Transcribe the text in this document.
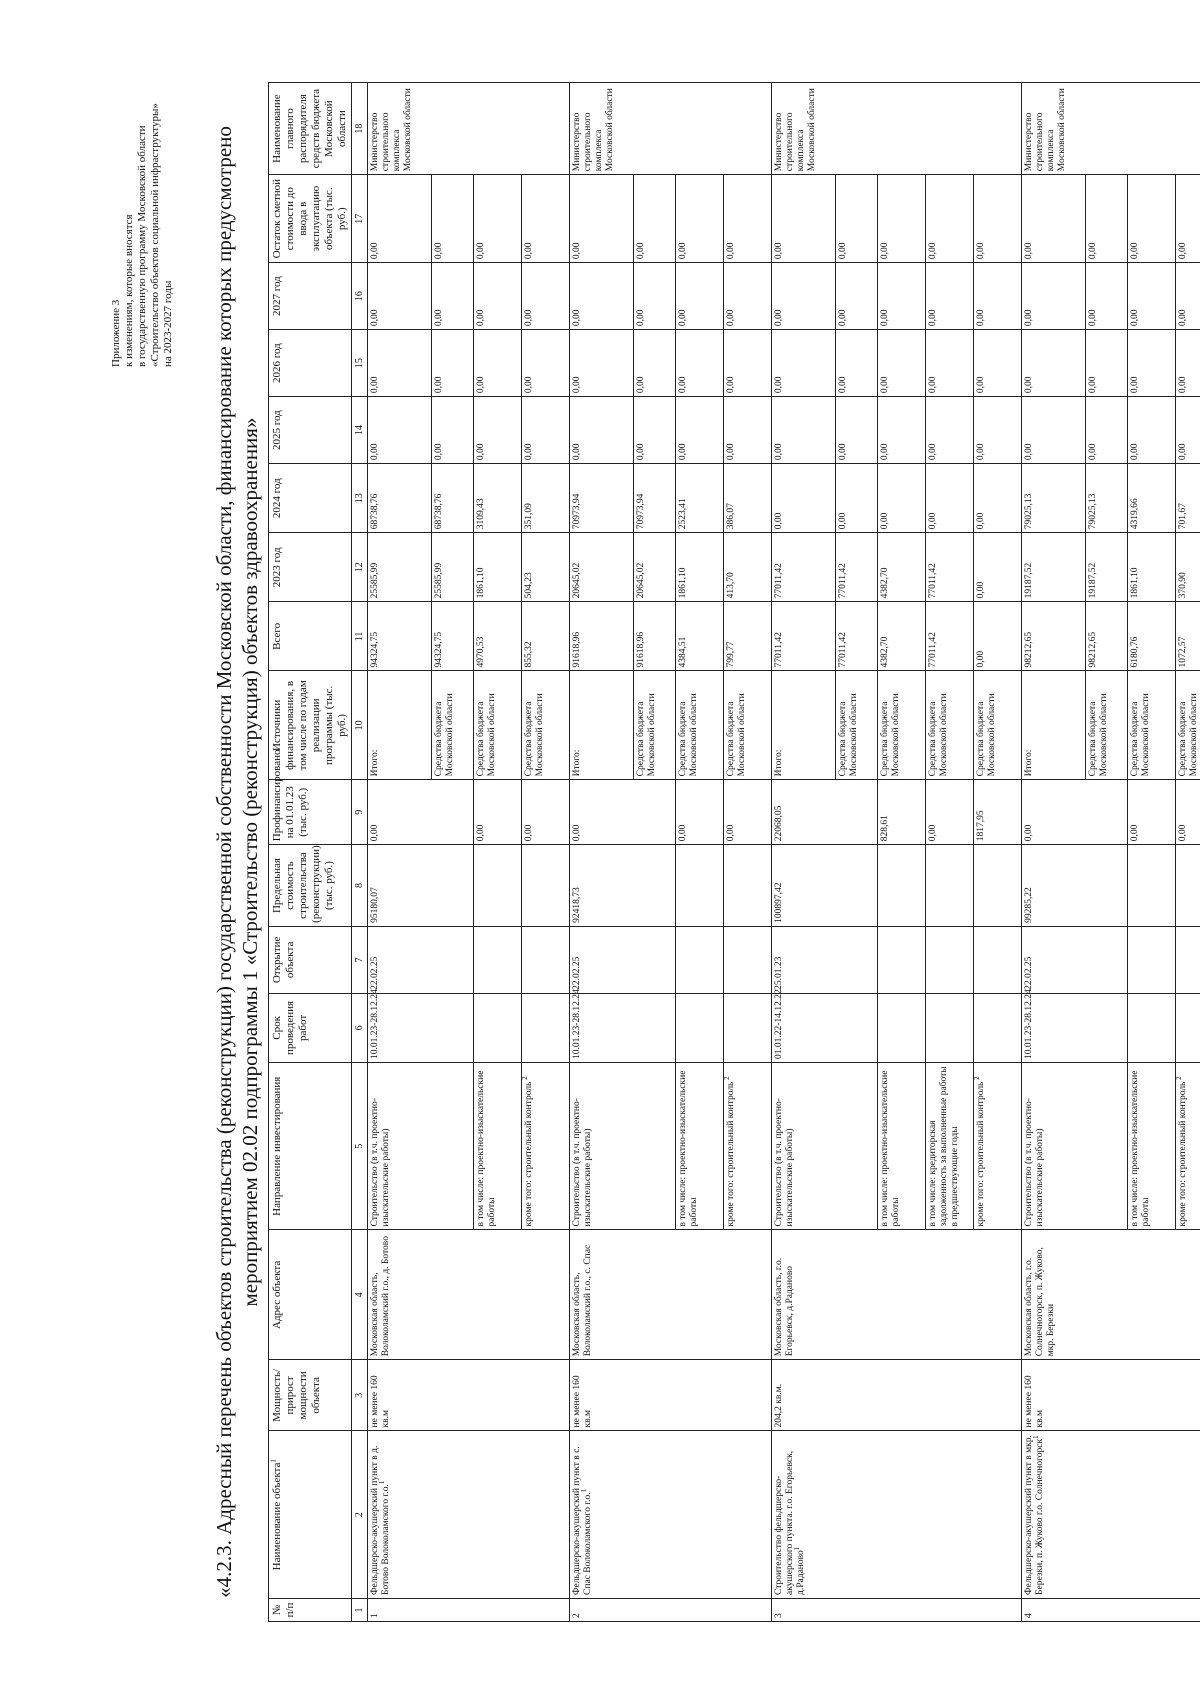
Приложение 3 к изменениям, которые вносятся в государственную программу Московской области «Строительство объектов социальной инфраструктуры» на 2023-2027 годы «4.2.3. Адресный перечень объектов строительства (реконструкции) государственной собственности Московской области, финансирование которых предусмотрено мероприятием 02.02 подпрограммы 1 «Строительство (реконструкция) объектов здравоохранения»
№ п/п	Наименование объекта$^1$	Мощность/ прирост мощности объекта	Адрес объекта	Направление инвестирования	Срок проведения работ	Открытие объекта	Предельная стоимость строительства (реконструкции) (тыс. руб.)	Профинансировано на 01.01.23 (тыс. руб.)	Источники финансирования, в том числе по годам реализации программы (тыс. руб.)	Всего	2023 год	2024 год	2025 год	2026 год	2027 год	Остаток сметной стоимости до ввода в эксплуатацию объекта (тыс. руб.)	Наименование главного распорядителя средств бюджета Московской области
1	2	3	4	5	6	7	8	9	10	11	12	13	14	15	16	17	18
1	Фельдшерско-акушерский пункт в д. Ботово Волоколамского г.о.$^1$	не менее 160 кв.м	Московская область, Волоколамский г.о., д. Ботово	Строительство (в т.ч. проектно-изыскательские работы)	10.01.23-28.12.24	22.02.25	95180,07	0,00	Итого:	94324,75	25585,99	68738,76	0,00	0,00	0,00	0,00	Министерство строительного комплекса Московской области
									Средства бюджета Московской области	94324,75	25585,99	68738,76	0,00	0,00	0,00	0,00	
				в том числе: проектно-изыскательские работы				0,00	Средства бюджета Московской области	4970,53	1861,10	3109,43	0,00	0,00	0,00	0,00	
				кроме того: строительный контроль $^2$				0,00	Средства бюджета Московской области	855,32	504,23	351,09	0,00	0,00	0,00	0,00	
2	Фельдшерско-акушерский пункт в с. Спас Волоколамского г.о.$^1$	не менее 160 кв.м	Московская область, Волоколамский г.о., с. Спас	Строительство (в т.ч. проектно-изыскательские работы)	10.01.23-28.12.24	22.02.25	92418,73	0,00	Итого:	91618,96	20645,02	70973,94	0,00	0,00	0,00	0,00	Министерство строительного комплекса Московской области
									Средства бюджета Московской области	91618,96	20645,02	70973,94	0,00	0,00	0,00	0,00	
				в том числе: проектно-изыскательские работы				0,00	Средства бюджета Московской области	4384,51	1861,10	2523,41	0,00	0,00	0,00	0,00	
				кроме того: строительный контроль $^2$				0,00	Средства бюджета Московской области	799,77	413,70	386,07	0,00	0,00	0,00	0,00	
3	Строительство фельдшерско-акушерского пункта. г.о. Егорьевск, д.Раданово$^1$	204,2 кв.м.	Московская область, г.о. Егорьевск, д.Раданово	Строительство (в т.ч. проектно-изыскательские работы)	01.01.22-14.12.22	25.01.23	100897,42	22068,05	Итого:	77011,42	77011,42	0,00	0,00	0,00	0,00	0,00	Министерство строительного комплекса Московской области
									Средства бюджета Московской области	77011,42	77011,42	0,00	0,00	0,00	0,00	0,00	
				в том числе: проектно-изыскательские работы				828,61	Средства бюджета Московской области	4382,70	4382,70	0,00	0,00	0,00	0,00	0,00	
				в том числе: кредиторская задолженность за выполненные работы в предшествующие годы				0,00	Средства бюджета Московской области	77011,42	77011,42	0,00	0,00	0,00	0,00	0,00	
				кроме того: строительный контроль $^2$				1817,95	Средства бюджета Московской области	0,00	0,00	0,00	0,00	0,00	0,00	0,00	
4	Фельдшерско-акушерский пункт в мкр. Березки, п. Жуково г.о. Солнечногорск$^1$	не менее 160 кв.м	Московская область, г.о. Солнечногорск, п. Жуково, мкр. Березки	Строительство (в т.ч. проектно-изыскательские работы)	10.01.23-28.12.24	22.02.25	99285,22	0,00	Итого:	98212,65	19187,52	79025,13	0,00	0,00	0,00	0,00	Министерство строительного комплекса Московской области
									Средства бюджета Московской области	98212,65	19187,52	79025,13	0,00	0,00	0,00	0,00	
				в том числе: проектно-изыскательские работы				0,00	Средства бюджета Московской области	6180,76	1861,10	4319,66	0,00	0,00	0,00	0,00	
				кроме того: строительный контроль $^2$				0,00	Средства бюджета Московской области	1072,57	370,90	701,67	0,00	0,00	0,00	0,00	
